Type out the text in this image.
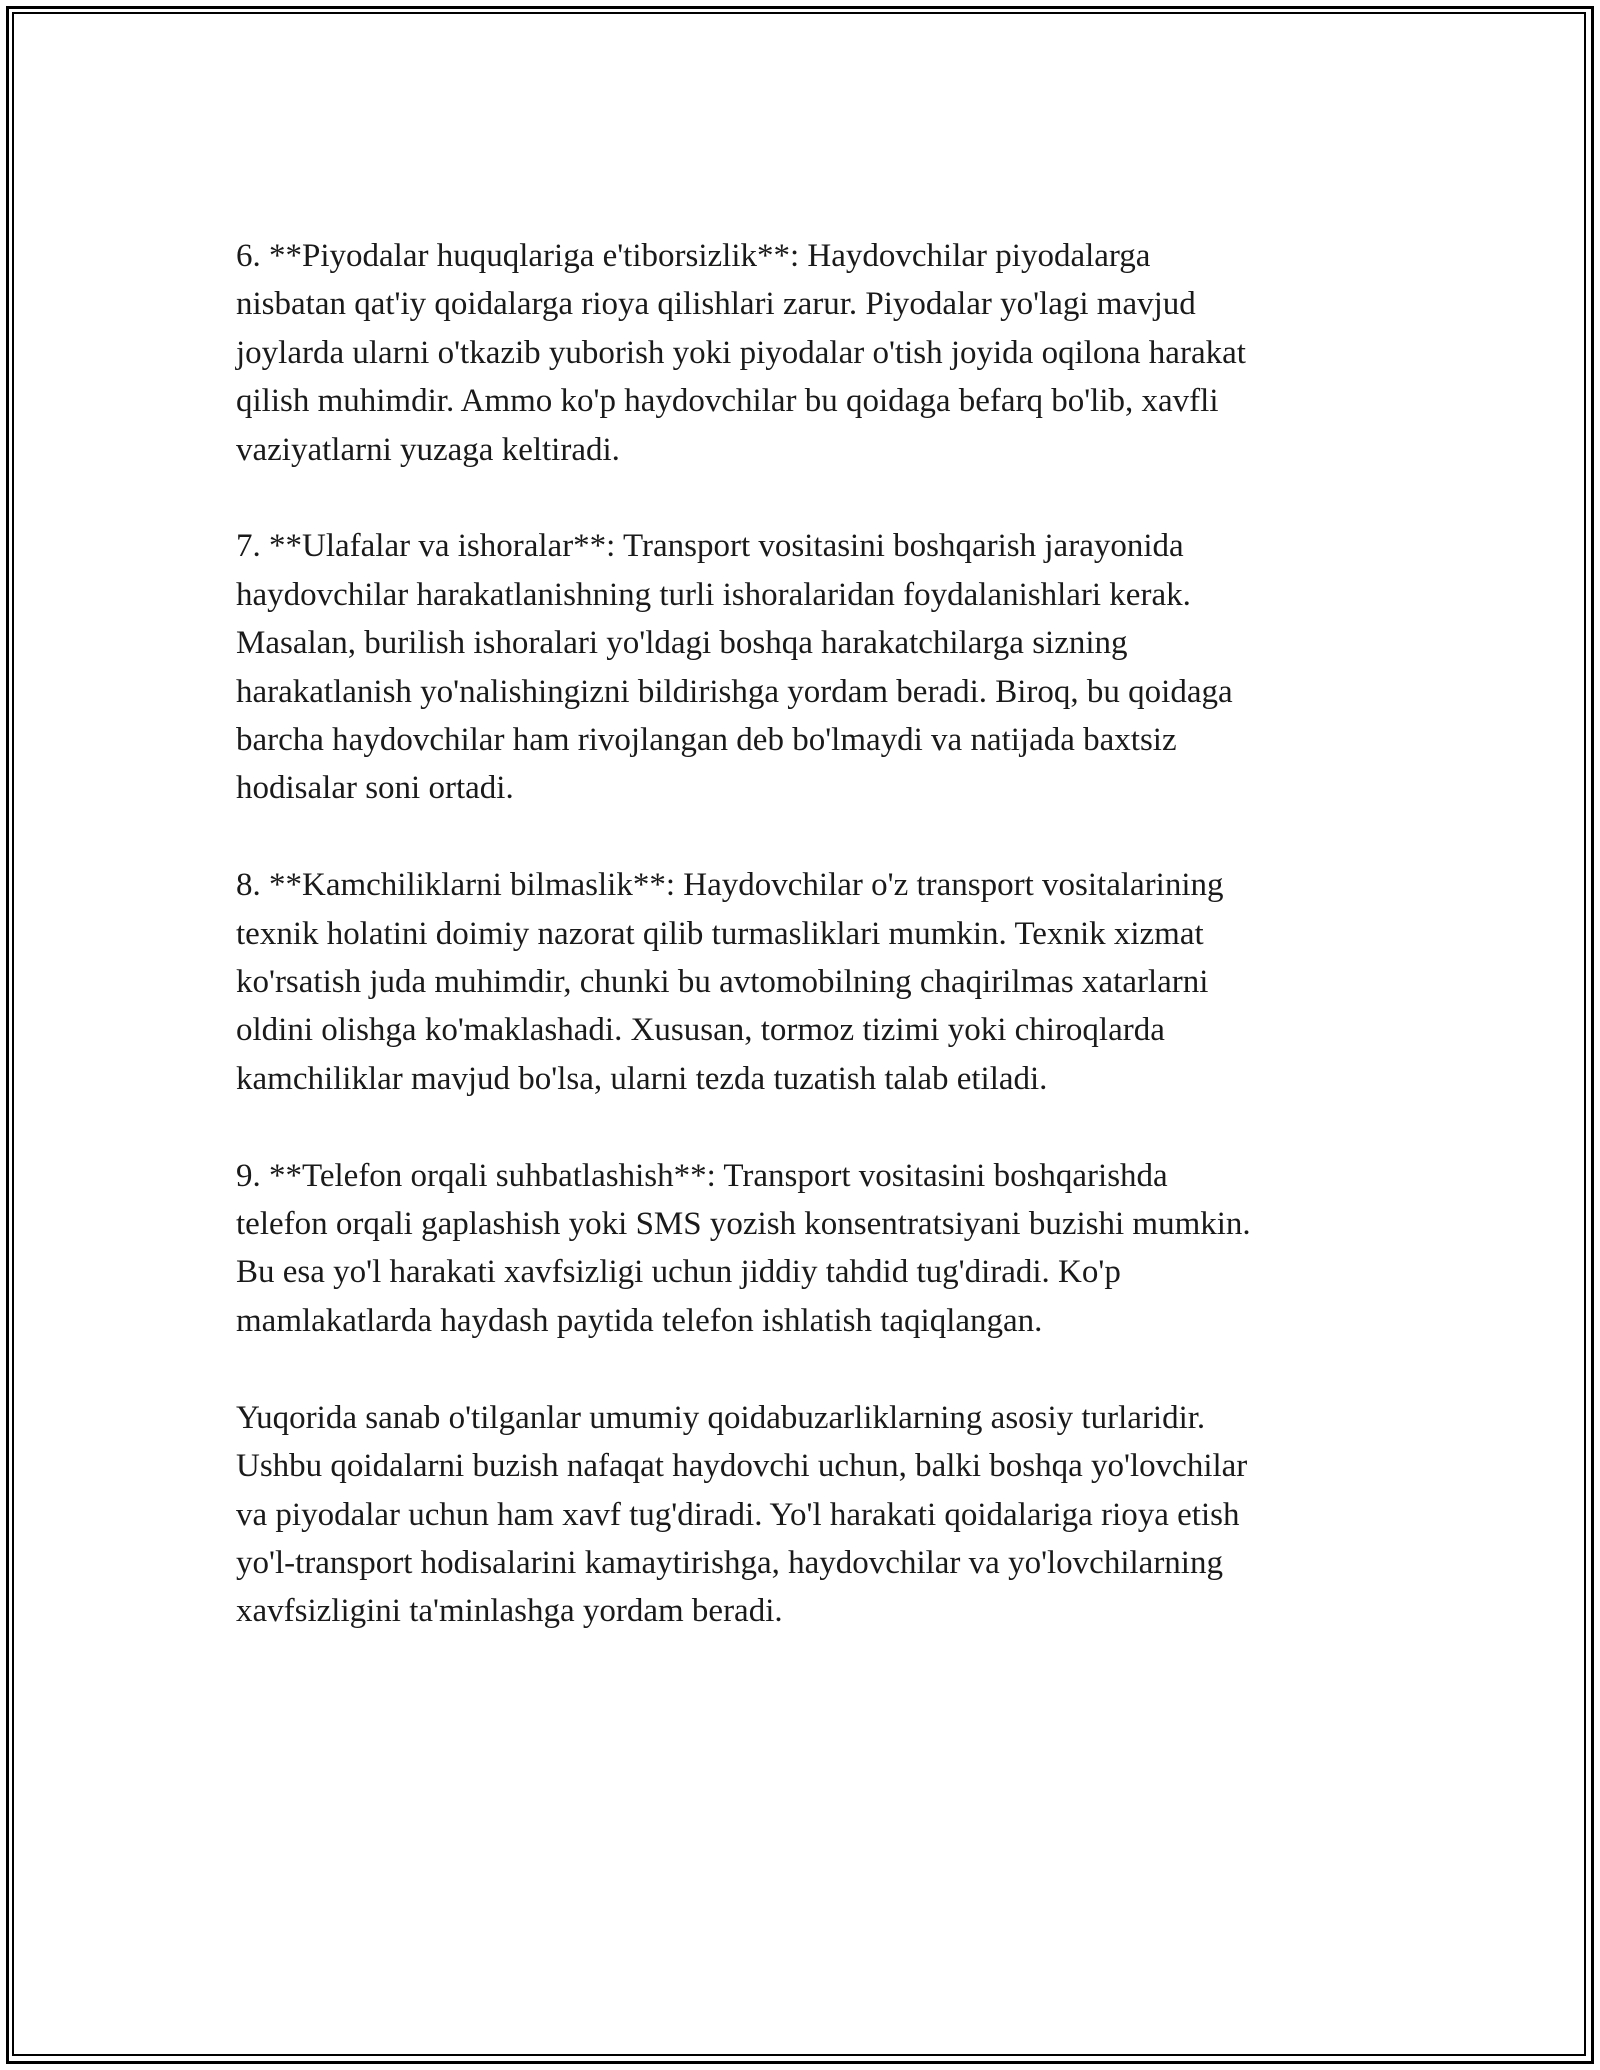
6. **Piyodalar huquqlariga e'tiborsizlik**: Haydovchilar piyodalarga
nisbatan qat'iy qoidalarga rioya qilishlari zarur. Piyodalar yo'lagi mavjud
joylarda ularni o'tkazib yuborish yoki piyodalar o'tish joyida oqilona harakat
qilish muhimdir. Ammo ko'p haydovchilar bu qoidaga befarq bo'lib, xavfli
vaziyatlarni yuzaga keltiradi.

7. **Ulafalar va ishoralar**: Transport vositasini boshqarish jarayonida
haydovchilar harakatlanishning turli ishoralaridan foydalanishlari kerak.
Masalan, burilish ishoralari yo'ldagi boshqa harakatchilarga sizning
harakatlanish yo'nalishingizni bildirishga yordam beradi. Biroq, bu qoidaga
barcha haydovchilar ham rivojlangan deb bo'lmaydi va natijada baxtsiz
hodisalar soni ortadi.

8. **Kamchiliklarni bilmaslik**: Haydovchilar o'z transport vositalarining
texnik holatini doimiy nazorat qilib turmasliklari mumkin. Texnik xizmat
ko'rsatish juda muhimdir, chunki bu avtomobilning chaqirilmas xatarlarni
oldini olishga ko'maklashadi. Xususan, tormoz tizimi yoki chiroqlarda
kamchiliklar mavjud bo'lsa, ularni tezda tuzatish talab etiladi.

9. **Telefon orqali suhbatlashish**: Transport vositasini boshqarishda
telefon orqali gaplashish yoki SMS yozish konsentratsiyani buzishi mumkin.
Bu esa yo'l harakati xavfsizligi uchun jiddiy tahdid tug'diradi. Ko'p
mamlakatlarda haydash paytida telefon ishlatish taqiqlangan.

Yuqorida sanab o'tilganlar umumiy qoidabuzarliklarning asosiy turlaridir.
Ushbu qoidalarni buzish nafaqat haydovchi uchun, balki boshqa yo'lovchilar
va piyodalar uchun ham xavf tug'diradi. Yo'l harakati qoidalariga rioya etish
yo'l-transport hodisalarini kamaytirishga, haydovchilar va yo'lovchilarning
xavfsizligini ta'minlashga yordam beradi.
